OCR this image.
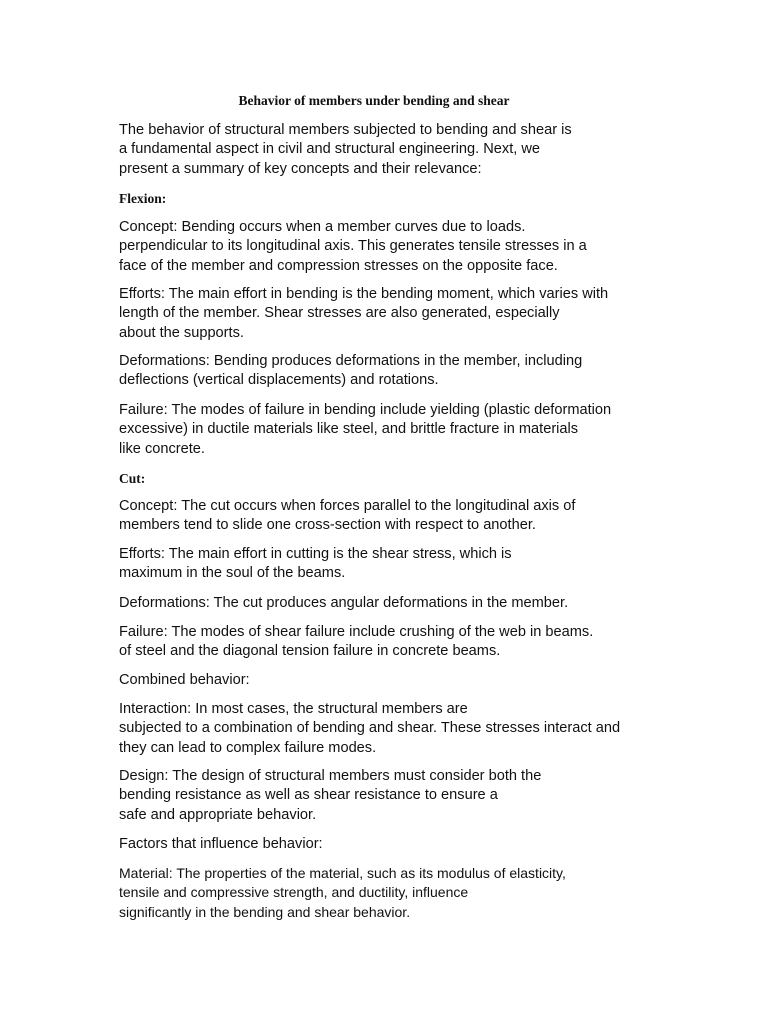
Behavior of members under bending and shear
The behavior of structural members subjected to bending and shear is
a fundamental aspect in civil and structural engineering. Next, we
present a summary of key concepts and their relevance:
Flexion:
Concept: Bending occurs when a member curves due to loads.
perpendicular to its longitudinal axis. This generates tensile stresses in a
face of the member and compression stresses on the opposite face.
Efforts: The main effort in bending is the bending moment, which varies with
length of the member. Shear stresses are also generated, especially
about the supports.
Deformations: Bending produces deformations in the member, including
deflections (vertical displacements) and rotations.
Failure: The modes of failure in bending include yielding (plastic deformation
excessive) in ductile materials like steel, and brittle fracture in materials
like concrete.
Cut:
Concept: The cut occurs when forces parallel to the longitudinal axis of
members tend to slide one cross-section with respect to another.
Efforts: The main effort in cutting is the shear stress, which is
maximum in the soul of the beams.
Deformations: The cut produces angular deformations in the member.
Failure: The modes of shear failure include crushing of the web in beams.
of steel and the diagonal tension failure in concrete beams.
Combined behavior:
Interaction: In most cases, the structural members are
subjected to a combination of bending and shear. These stresses interact and
they can lead to complex failure modes.
Design: The design of structural members must consider both the
bending resistance as well as shear resistance to ensure a
safe and appropriate behavior.
Factors that influence behavior:
Material: The properties of the material, such as its modulus of elasticity,
tensile and compressive strength, and ductility, influence
significantly in the bending and shear behavior.
